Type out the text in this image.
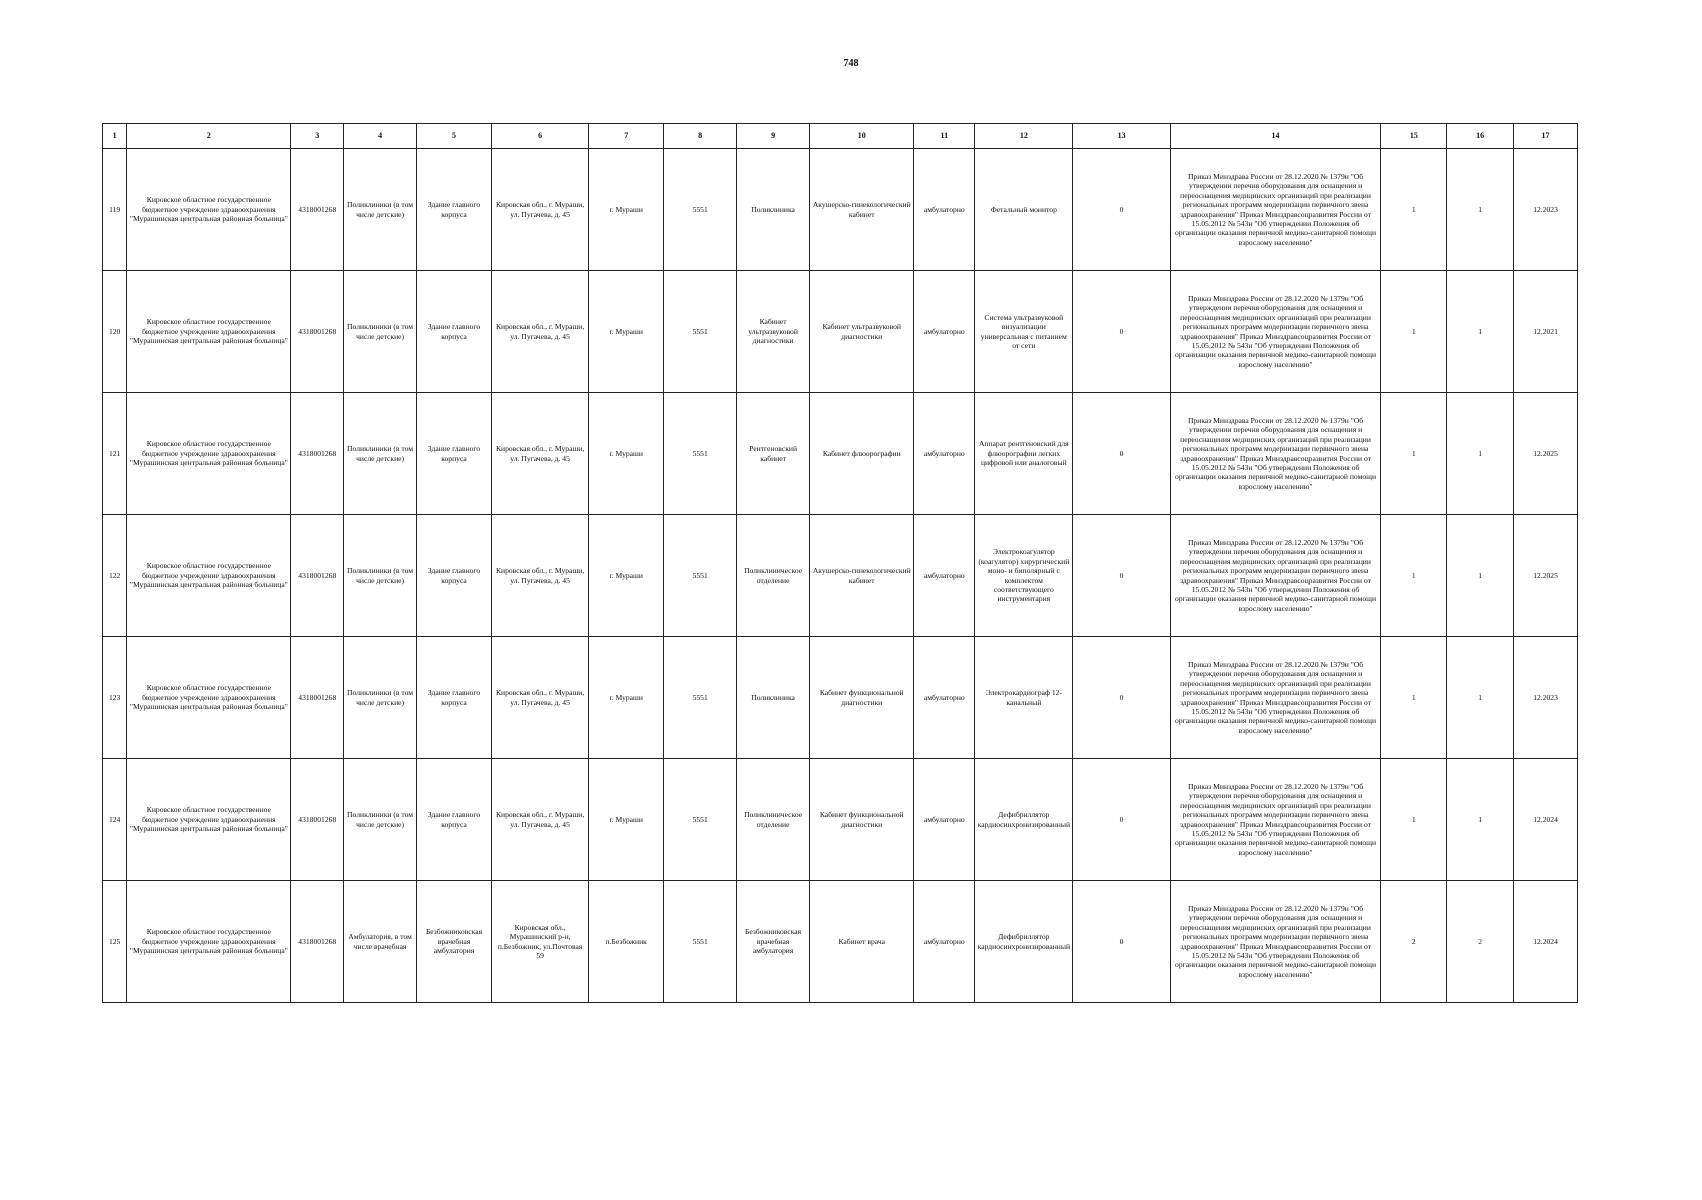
748
1	2	3	4	5	6	7	8	9	10	11	12	13	14	15	16	17
119	Кировское областное государственное бюджетное учреждение здравоохранения "Мурашинская центральная районная больница"	4318001268	Поликлиники (в том числе детские)	Здание главного корпуса	Кировская обл., г. Мураши, ул. Пугачева, д. 45	г. Мураши	5551	Поликлиника	Акушерско-гинекологический кабинет	амбулаторно	Фетальный монитор	0	Приказ Минздрава России от 28.12.2020 № 1379н "Об утверждении перечня оборудования для оснащения и переоснащения медицинских организаций при реализации региональных программ модернизации первичного звена здравоохранения" Приказ Минздравсоцразвития России от 15.05.2012 № 543н "Об утверждении Положения об организации оказания первичной медико-санитарной помощи взрослому населению"	1	1	12.2023
120	Кировское областное государственное бюджетное учреждение здравоохранения "Мурашинская центральная районная больница"	4318001268	Поликлиники (в том числе детские)	Здание главного корпуса	Кировская обл., г. Мураши, ул. Пугачева, д. 45	г. Мураши	5551	Кабинет ультразвуковой диагностики	Кабинет ультразвуковой диагностики	амбулаторно	Система ультразвуковой визуализации универсальная с питанием от сети	0	Приказ Минздрава России от 28.12.2020 № 1379н "Об утверждении перечня оборудования для оснащения и переоснащения медицинских организаций при реализации региональных программ модернизации первичного звена здравоохранения" Приказ Минздравсоцразвития России от 15.05.2012 № 543н "Об утверждении Положения об организации оказания первичной медико-санитарной помощи взрослому населению"	1	1	12.2021
121	Кировское областное государственное бюджетное учреждение здравоохранения "Мурашинская центральная районная больница"	4318001268	Поликлиники (в том числе детские)	Здание главного корпуса	Кировская обл., г. Мураши, ул. Пугачева, д. 45	г. Мураши	5551	Рентгеновский кабинет	Кабинет флюорографии	амбулаторно	Аппарат рентгеновский для флюорографии легких цифровой или аналоговый	0	Приказ Минздрава России от 28.12.2020 № 1379н "Об утверждении перечня оборудования для оснащения и переоснащения медицинских организаций при реализации региональных программ модернизации первичного звена здравоохранения" Приказ Минздравсоцразвития России от 15.05.2012 № 543н "Об утверждении Положения об организации оказания первичной медико-санитарной помощи взрослому населению"	1	1	12.2025
122	Кировское областное государственное бюджетное учреждение здравоохранения "Мурашинская центральная районная больница"	4318001268	Поликлиники (в том числе детские)	Здание главного корпуса	Кировская обл., г. Мураши, ул. Пугачева, д. 45	г. Мураши	5551	Поликлиническое отделение	Акушерско-гинекологический кабинет	амбулаторно	Электрокоагулятор (коагулятор) хирургический моно- и биполярный с комплектом соответствующего инструментария	0	Приказ Минздрава России от 28.12.2020 № 1379н "Об утверждении перечня оборудования для оснащения и переоснащения медицинских организаций при реализации региональных программ модернизации первичного звена здравоохранения" Приказ Минздравсоцразвития России от 15.05.2012 № 543н "Об утверждении Положения об организации оказания первичной медико-санитарной помощи взрослому населению"	1	1	12.2025
123	Кировское областное государственное бюджетное учреждение здравоохранения "Мурашинская центральная районная больница"	4318001268	Поликлиники (в том числе детские)	Здание главного корпуса	Кировская обл., г. Мураши, ул. Пугачева, д. 45	г. Мураши	5551	Поликлиника	Кабинет функциональной диагностики	амбулаторно	Электрокардиограф 12-канальный	0	Приказ Минздрава России от 28.12.2020 № 1379н "Об утверждении перечня оборудования для оснащения и переоснащения медицинских организаций при реализации региональных программ модернизации первичного звена здравоохранения" Приказ Минздравсоцразвития России от 15.05.2012 № 543н "Об утверждении Положения об организации оказания первичной медико-санитарной помощи взрослому населению"	1	1	12.2023
124	Кировское областное государственное бюджетное учреждение здравоохранения "Мурашинская центральная районная больница"	4318001268	Поликлиники (в том числе детские)	Здание главного корпуса	Кировская обл., г. Мураши, ул. Пугачева, д. 45	г. Мураши	5551	Поликлиническое отделение	Кабинет функциональной диагностики	амбулаторно	Дефибриллятор кардиосинхронизированный	0	Приказ Минздрава России от 28.12.2020 № 1379н "Об утверждении перечня оборудования для оснащения и переоснащения медицинских организаций при реализации региональных программ модернизации первичного звена здравоохранения" Приказ Минздравсоцразвития России от 15.05.2012 № 543н "Об утверждении Положения об организации оказания первичной медико-санитарной помощи взрослому населению"	1	1	12.2024
125	Кировское областное государственное бюджетное учреждение здравоохранения "Мурашинская центральная районная больница"	4318001268	Амбулатория, в том числе врачебная	Безбожниковская врачебная амбулатория	Кировская обл., Мурашинский р-н, п.Безбожник, ул.Почтовая 59	п.Безбожник	5551	Безбожниковская врачебная амбулатория	Кабинет врача	амбулаторно	Дефибриллятор кардиосинхронизированный	0	Приказ Минздрава России от 28.12.2020 № 1379н "Об утверждении перечня оборудования для оснащения и переоснащения медицинских организаций при реализации региональных программ модернизации первичного звена здравоохранения" Приказ Минздравсоцразвития России от 15.05.2012 № 543н "Об утверждении Положения об организации оказания первичной медико-санитарной помощи взрослому населению"	2	2	12.2024
